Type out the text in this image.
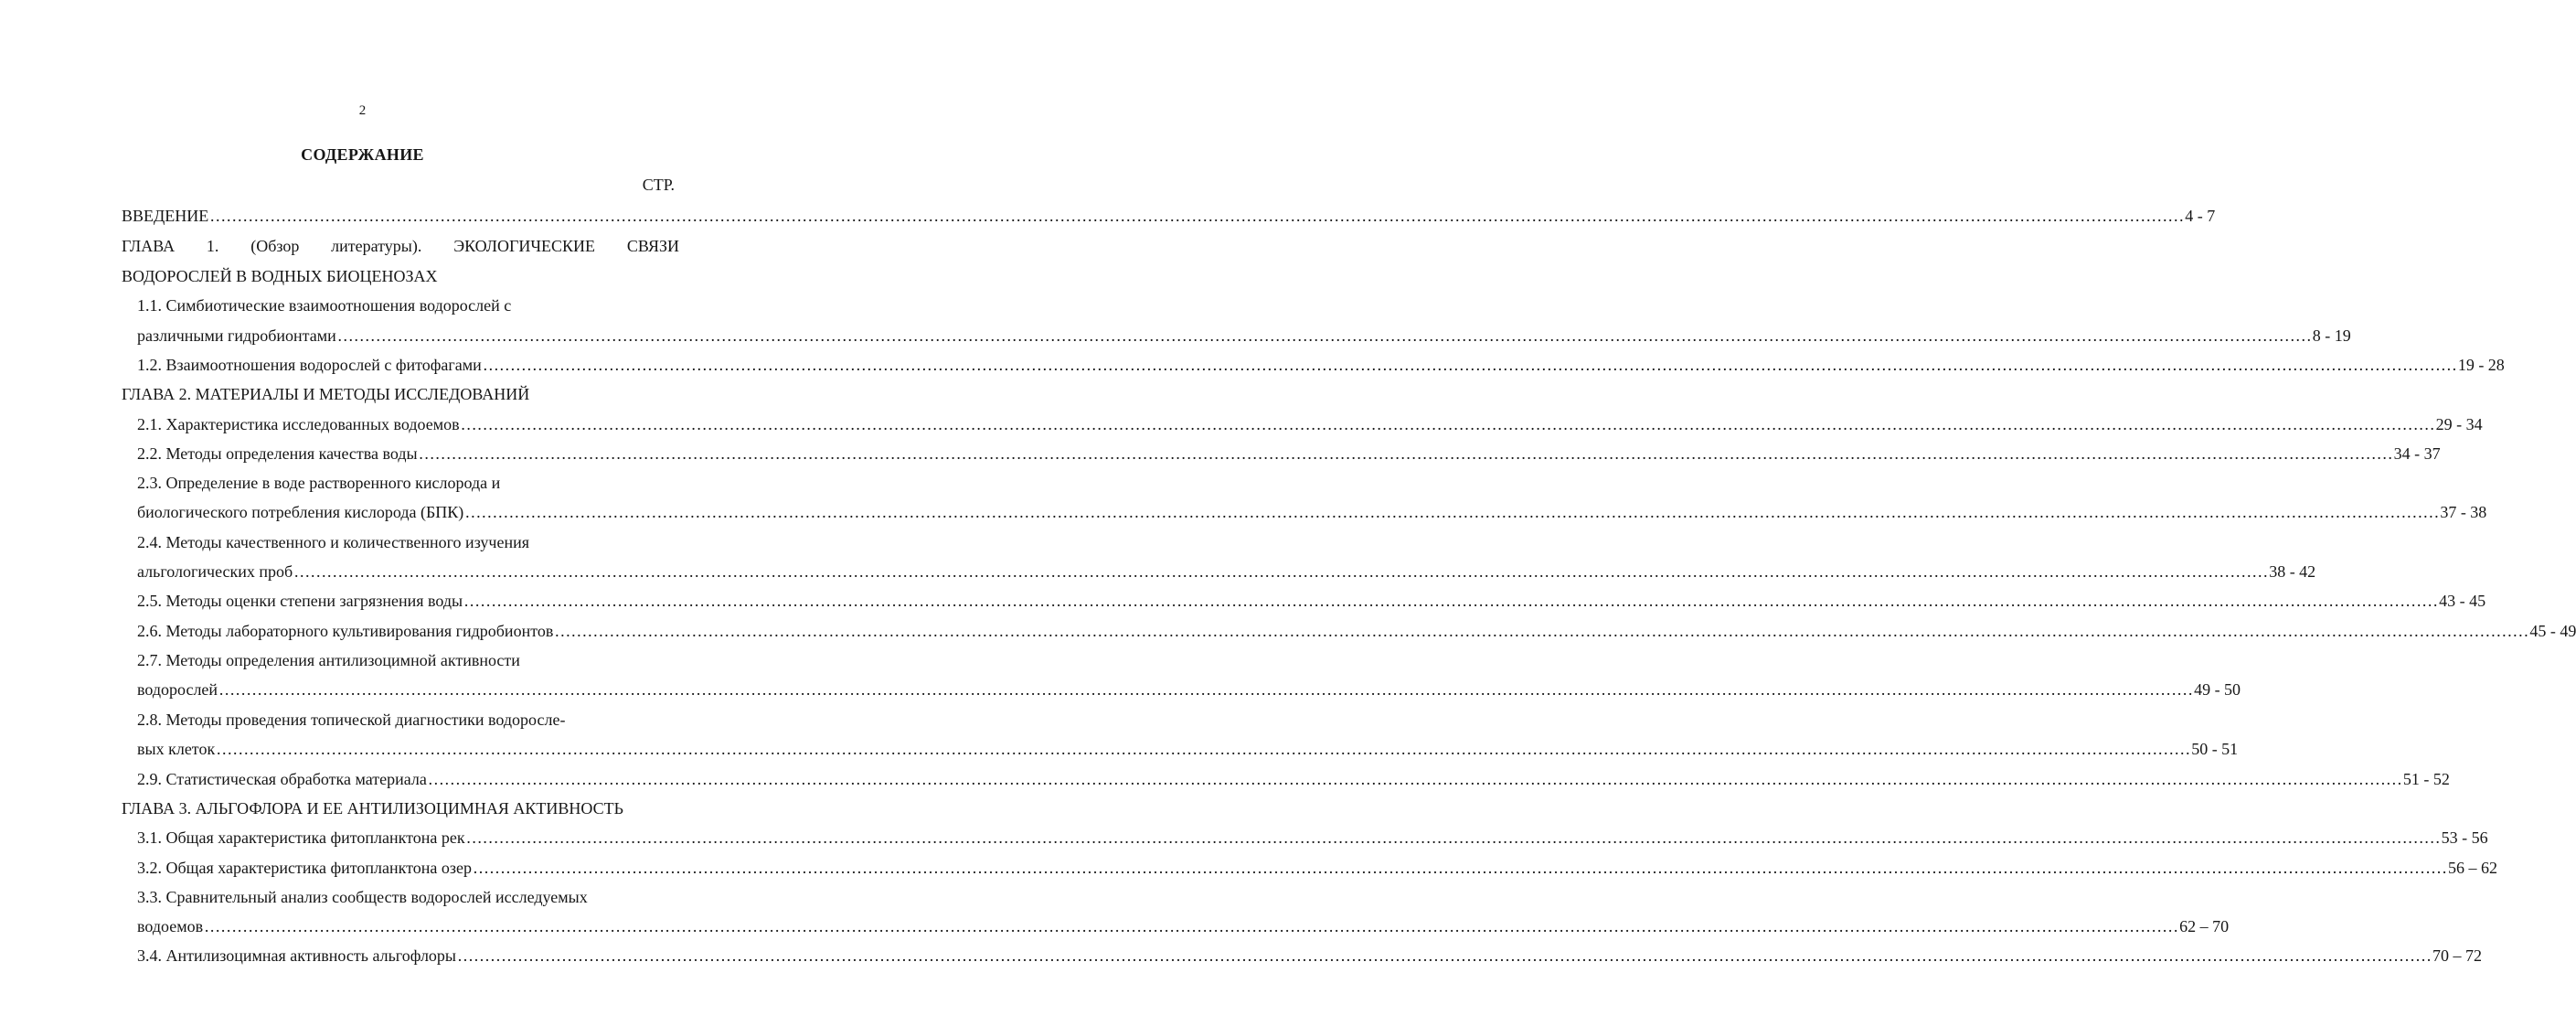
2
СОДЕРЖАНИЕ
СТР.
ВВЕДЕНИЕ ……………………………………………………………………………………………………………………………………………………………………………………………………………………………………………………………………………………………………………………………… 4 - 7
ГЛАВА 1. (Обзор литературы). ЭКОЛОГИЧЕСКИЕ СВЯЗИ
ВОДОРОСЛЕЙ В ВОДНЫХ БИОЦЕНОЗАХ
1.1. Симбиотические взаимоотношения водорослей с
различными гидробионтами ……………………………………………………………………………………………………………………………………………………………………………………………………………………………………………………………………………………………………………………………… 8 - 19
1.2. Взаимоотношения водорослей с фитофагами ……………………………………………………………………………………………………………………………………………………………………………………………………………………………………………………………………………………………………………………………… 19 - 28
ГЛАВА 2. МАТЕРИАЛЫ И МЕТОДЫ ИССЛЕДОВАНИЙ
2.1. Характеристика исследованных водоемов ……………………………………………………………………………………………………………………………………………………………………………………………………………………………………………………………………………………………………………………………… 29 - 34
2.2. Методы определения качества воды ……………………………………………………………………………………………………………………………………………………………………………………………………………………………………………………………………………………………………………………………… 34 - 37
2.3. Определение в воде растворенного кислорода и
биологического потребления кислорода (БПК) ……………………………………………………………………………………………………………………………………………………………………………………………………………………………………………………………………………………………………………………………… 37 - 38
2.4. Методы качественного и количественного изучения
альгологических проб ……………………………………………………………………………………………………………………………………………………………………………………………………………………………………………………………………………………………………………………………… 38 - 42
2.5. Методы оценки степени загрязнения воды ……………………………………………………………………………………………………………………………………………………………………………………………………………………………………………………………………………………………………………………………… 43 - 45
2.6. Методы лабораторного культивирования гидробионтов ……………………………………………………………………………………………………………………………………………………………………………………………………………………………………………………………………………………………………………………………… 45 - 49
2.7. Методы определения антилизоцимной активности
водорослей ……………………………………………………………………………………………………………………………………………………………………………………………………………………………………………………………………………………………………………………………… 49 - 50
2.8. Методы проведения топической диагностики водоросле-
вых клеток ……………………………………………………………………………………………………………………………………………………………………………………………………………………………………………………………………………………………………………………………… 50 - 51
2.9. Статистическая обработка материала ……………………………………………………………………………………………………………………………………………………………………………………………………………………………………………………………………………………………………………………………… 51 - 52
ГЛАВА 3. АЛЬГОФЛОРА И ЕЕ АНТИЛИЗОЦИМНАЯ АКТИВНОСТЬ
3.1. Общая характеристика фитопланктона рек ……………………………………………………………………………………………………………………………………………………………………………………………………………………………………………………………………………………………………………………………… 53 - 56
3.2. Общая характеристика фитопланктона озер ……………………………………………………………………………………………………………………………………………………………………………………………………………………………………………………………………………………………………………………………… 56 – 62
3.3. Сравнительный анализ сообществ водорослей исследуемых
водоемов ……………………………………………………………………………………………………………………………………………………………………………………………………………………………………………………………………………………………………………………………… 62 – 70
3.4. Антилизоцимная активность альгофлоры ……………………………………………………………………………………………………………………………………………………………………………………………………………………………………………………………………………………………………………………………… 70 – 72
